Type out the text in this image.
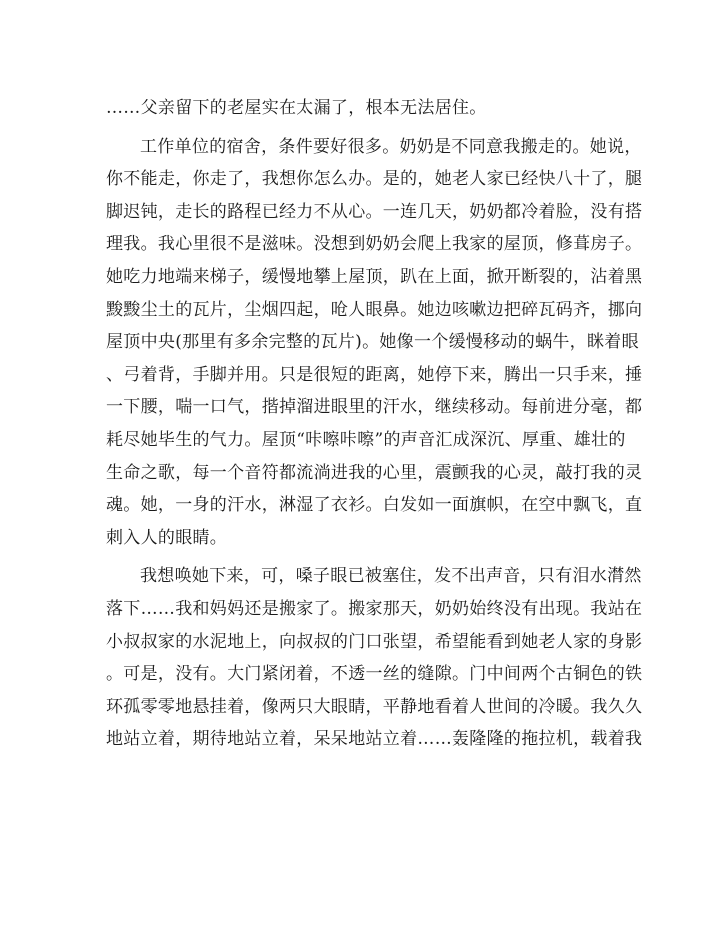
……父亲留下的老屋实在太漏了，根本无法居住。
工作单位的宿舍，条件要好很多。奶奶是不同意我搬走的。她说，
你不能走，你走了，我想你怎么办。是的，她老人家已经快八十了，腿
脚迟钝，走长的路程已经力不从心。一连几天，奶奶都冷着脸，没有搭
理我。我心里很不是滋味。没想到奶奶会爬上我家的屋顶，修葺房子。
她吃力地端来梯子，缓慢地攀上屋顶，趴在上面，掀开断裂的，沾着黑
黢黢尘土的瓦片，尘烟四起，呛人眼鼻。她边咳嗽边把碎瓦码齐，挪向
屋顶中央(那里有多余完整的瓦片)。她像一个缓慢移动的蜗牛，眯着眼
、弓着背，手脚并用。只是很短的距离，她停下来，腾出一只手来，捶
一下腰，喘一口气，揩掉溜进眼里的汗水，继续移动。每前进分毫，都
耗尽她毕生的气力。屋顶“咔嚓咔嚓”的声音汇成深沉、厚重、雄壮的
生命之歌，每一个音符都流淌进我的心里，震颤我的心灵，敲打我的灵
魂。她，一身的汗水，淋湿了衣衫。白发如一面旗帜，在空中飘飞，直
刺入人的眼睛。
我想唤她下来，可，嗓子眼已被塞住，发不出声音，只有泪水潸然
落下……我和妈妈还是搬家了。搬家那天，奶奶始终没有出现。我站在
小叔叔家的水泥地上，向叔叔的门口张望，希望能看到她老人家的身影
。可是，没有。大门紧闭着，不透一丝的缝隙。门中间两个古铜色的铁
环孤零零地悬挂着，像两只大眼睛，平静地看着人世间的冷暖。我久久
地站立着，期待地站立着，呆呆地站立着……轰隆隆的拖拉机，载着我
